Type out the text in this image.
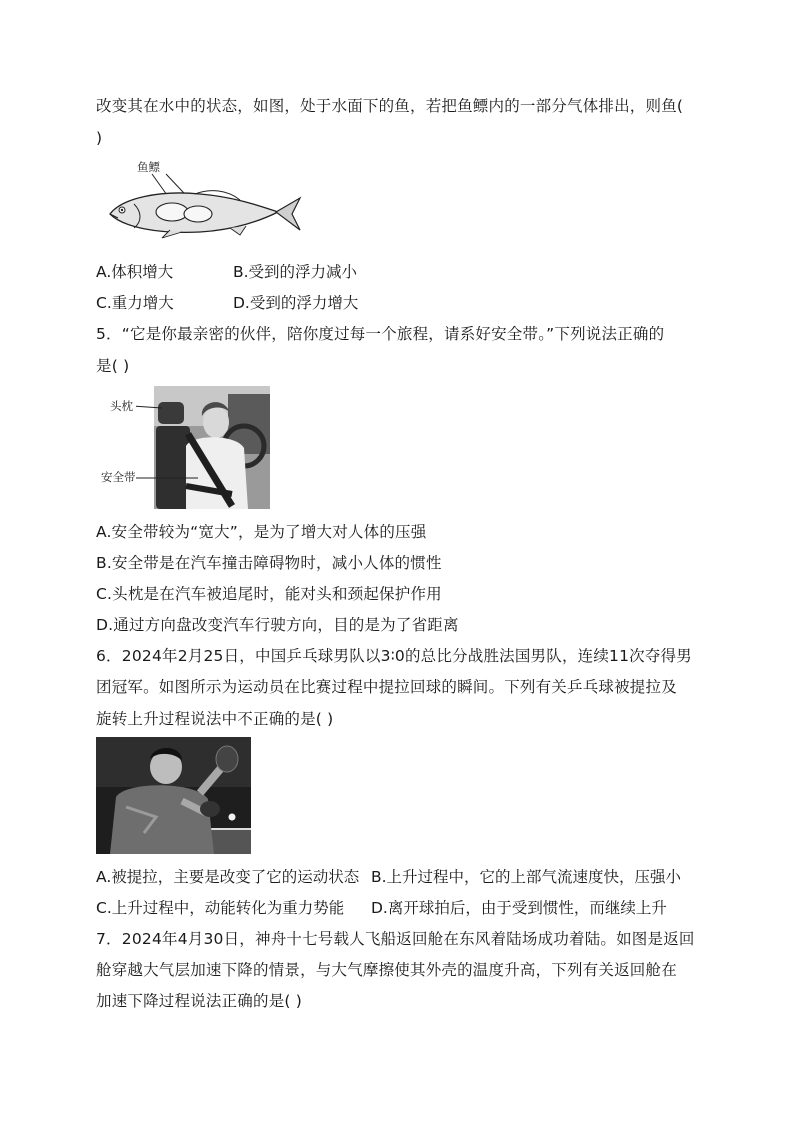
改变其在水中的状态，如图，处于水面下的鱼，若把鱼鳔内的一部分气体排出，则鱼(
)
鱼鳔
A.体积增大	B.受到的浮力减小
C.重力增大	D.受到的浮力增大
5．“它是你最亲密的伙伴，陪你度过每一个旅程，请系好安全带。”下列说法正确的
是( )
头枕
安全带
A.安全带较为“宽大”，是为了增大对人体的压强
B.安全带是在汽车撞击障碍物时，减小人体的惯性
C.头枕是在汽车被追尾时，能对头和颈起保护作用
D.通过方向盘改变汽车行驶方向，目的是为了省距离
6．2024年2月25日，中国乒乓球男队以3∶0的总比分战胜法国男队，连续11次夺得男
团冠军。如图所示为运动员在比赛过程中提拉回球的瞬间。下列有关乒乓球被提拉及
旋转上升过程说法中不正确的是( )
A.被提拉，主要是改变了它的运动状态 B.上升过程中，它的上部气流速度快，压强小
C.上升过程中，动能转化为重力势能 D.离开球拍后，由于受到惯性，而继续上升
7．2024年4月30日，神舟十七号载人飞船返回舱在东风着陆场成功着陆。如图是返回
舱穿越大气层加速下降的情景，与大气摩擦使其外壳的温度升高，下列有关返回舱在
加速下降过程说法正确的是( )
